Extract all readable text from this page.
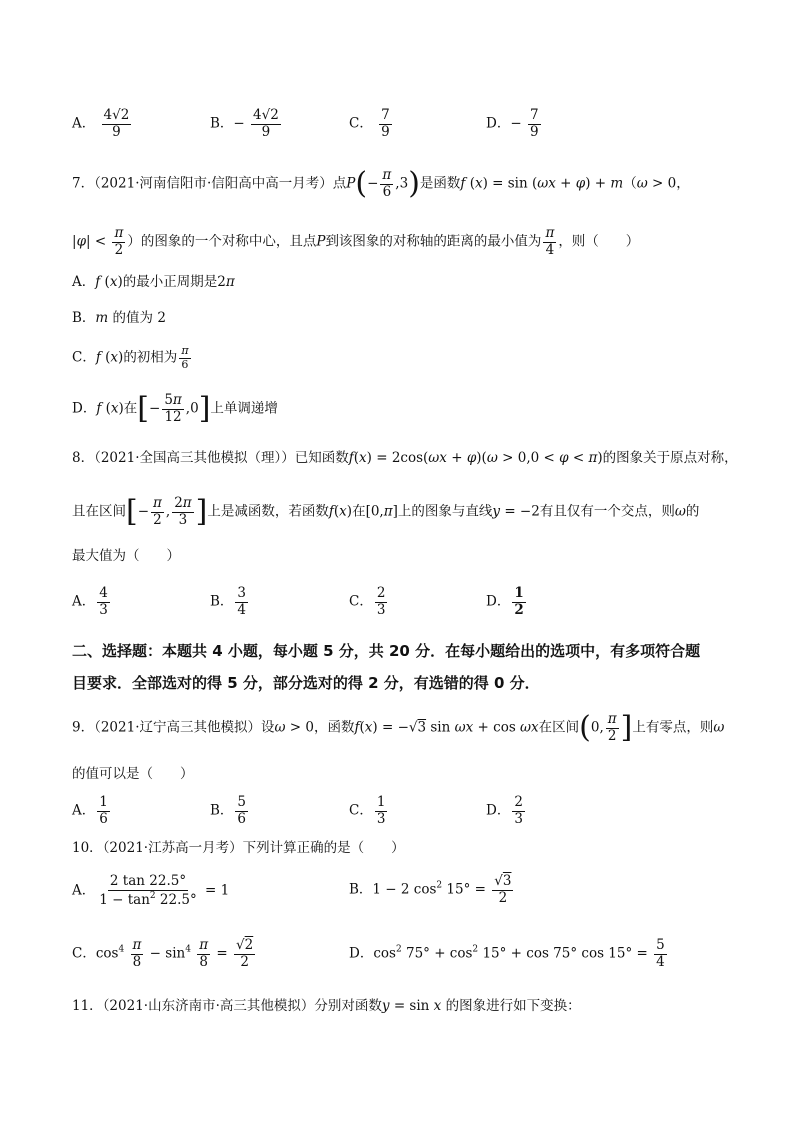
A． $\frac{4√2}{9}$	B．− $\frac{4√2}{9}$	C． $\frac{7}{9}$	D．− $\frac{7}{9}$
7．（2021·河南信阳市·信阳高中高一月考）点$P(- \frac{\pi}{6} ,3)$是函数f (x) = sin (ωx + φ) + m（ω > 0，
$|\varphi| < \frac{\pi}{2}$ ）的图象的一个对称中心，且点P到该图象的对称轴的距离的最小值为 $\frac{\pi}{4}$ ，则（　　）
A．f (x)的最小正周期是2π
B．m 的值为 2
C．f (x)的初相为 $\frac{\pi}{6}$
D．f (x)在[− $\frac{5\pi}{12} ,0$]上单调递增
8．（2021·全国高三其他模拟（理））已知函数f(x) = 2cos(ωx + φ)(ω > 0,0 < φ < π)的图象关于原点对称，
且在区间[− $\frac{\pi}{2}$ , $\frac{2\pi}{3}$ ]上是减函数，若函数f(x)在[0,π]上的图象与直线y = −2有且仅有一个交点，则ω的
最大值为（　　）
A． $\frac{4}{3}$	B． $\frac{3}{4}$	C． $\frac{2}{3}$	D． $\frac{1}{2}$
二、选择题：本题共 4 小题，每小题 5 分，共 20 分．在每小题给出的选项中，有多项符合题
目要求．全部选对的得 5 分，部分选对的得 2 分，有选错的得 0 分．
9．（2021·辽宁高三其他模拟）设ω > 0，函数f(x) = −√3 sin ωx + cos ωx在区间(0, $\frac{\pi}{2}$ ]上有零点，则ω
的值可以是（　　）
A． $\frac{1}{6}$	B． $\frac{5}{6}$	C． $\frac{1}{3}$	D． $\frac{2}{3}$
10．（2021·江苏高一月考）下列计算正确的是（　　）
A． $\frac{2 \tan 22.5^\circ}{1 - \tan^2 22.5^\circ} = 1$	B．1 − 2 $\cos^2 15^\circ = \frac{√3}{2}$
C．$\cos^4 \frac{\pi}{8} - \sin^4 \frac{\pi}{8} = \frac{√2}{2}$	D．$\cos^2 75^\circ + \cos^2 15^\circ + \cos 75^\circ$ $\cos 15^\circ = \frac{5}{4}$
11．（2021·山东济南市·高三其他模拟）分别对函数y = sin x 的图象进行如下变换：
